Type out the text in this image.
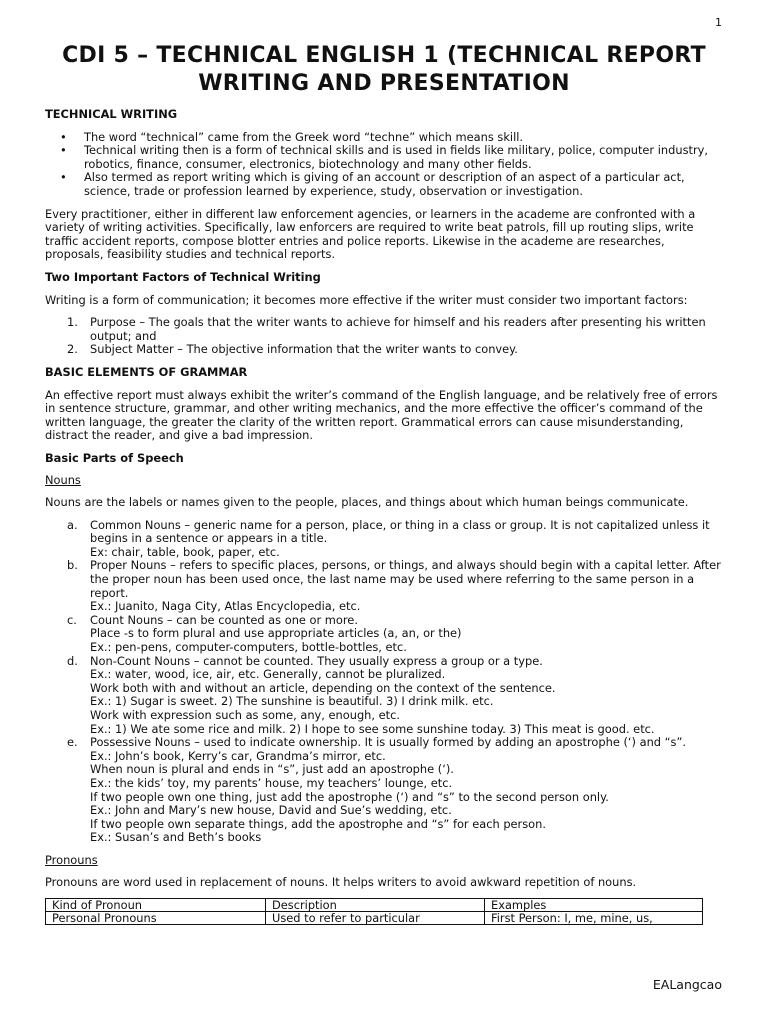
1
CDI 5 – TECHNICAL ENGLISH 1 (TECHNICAL REPORT WRITING AND PRESENTATION
TECHNICAL WRITING
• The word “technical” came from the Greek word “techne” which means skill.
• Technical writing then is a form of technical skills and is used in fields like military, police, computer industry, robotics, finance, consumer, electronics, biotechnology and many other fields.
• Also termed as report writing which is giving of an account or description of an aspect of a particular act, science, trade or profession learned by experience, study, observation or investigation.

Every practitioner, either in different law enforcement agencies, or learners in the academe are confronted with a variety of writing activities. Specifically, law enforcers are required to write beat patrols, fill up routing slips, write traffic accident reports, compose blotter entries and police reports. Likewise in the academe are researches, proposals, feasibility studies and technical reports.

Two Important Factors of Technical Writing

Writing is a form of communication; it becomes more effective if the writer must consider two important factors:

1. Purpose – The goals that the writer wants to achieve for himself and his readers after presenting his written output; and
2. Subject Matter – The objective information that the writer wants to convey.
BASIC ELEMENTS OF GRAMMAR

An effective report must always exhibit the writer’s command of the English language, and be relatively free of errors in sentence structure, grammar, and other writing mechanics, and the more effective the officer’s command of the written language, the greater the clarity of the written report. Grammatical errors can cause misunderstanding, distract the reader, and give a bad impression.

Basic Parts of Speech

Nouns

Nouns are the labels or names given to the people, places, and things about which human beings communicate.

a. Common Nouns – generic name for a person, place, or thing in a class or group. It is not capitalized unless it begins in a sentence or appears in a title.
Ex: chair, table, book, paper, etc.
b. Proper Nouns – refers to specific places, persons, or things, and always should begin with a capital letter. After the proper noun has been used once, the last name may be used where referring to the same person in a report.
Ex.: Juanito, Naga City, Atlas Encyclopedia, etc.
c. Count Nouns – can be counted as one or more.
Place -s to form plural and use appropriate articles (a, an, or the)
Ex.: pen-pens, computer-computers, bottle-bottles, etc.
d. Non-Count Nouns – cannot be counted. They usually express a group or a type.
Ex.: water, wood, ice, air, etc. Generally, cannot be pluralized.
Work both with and without an article, depending on the context of the sentence.
Ex.: 1) Sugar is sweet. 2) The sunshine is beautiful. 3) I drink milk. etc.
Work with expression such as some, any, enough, etc.
Ex.: 1) We ate some rice and milk. 2) I hope to see some sunshine today. 3) This meat is good. etc.
e. Possessive Nouns – used to indicate ownership. It is usually formed by adding an apostrophe (‘) and “s”.
Ex.: John’s book, Kerry’s car, Grandma’s mirror, etc.
When noun is plural and ends in “s”, just add an apostrophe (‘).
Ex.: the kids’ toy, my parents’ house, my teachers’ lounge, etc.
If two people own one thing, just add the apostrophe (‘) and “s” to the second person only.
Ex.: John and Mary’s new house, David and Sue’s wedding, etc.
If two people own separate things, add the apostrophe and “s” for each person.
Ex.: Susan’s and Beth’s books

Pronouns

Pronouns are word used in replacement of nouns. It helps writers to avoid awkward repetition of nouns.

Kind of Pronoun	Description	Examples
Personal Pronouns	Used to refer to particular	First Person: I, me, mine, us,
EALangcao
